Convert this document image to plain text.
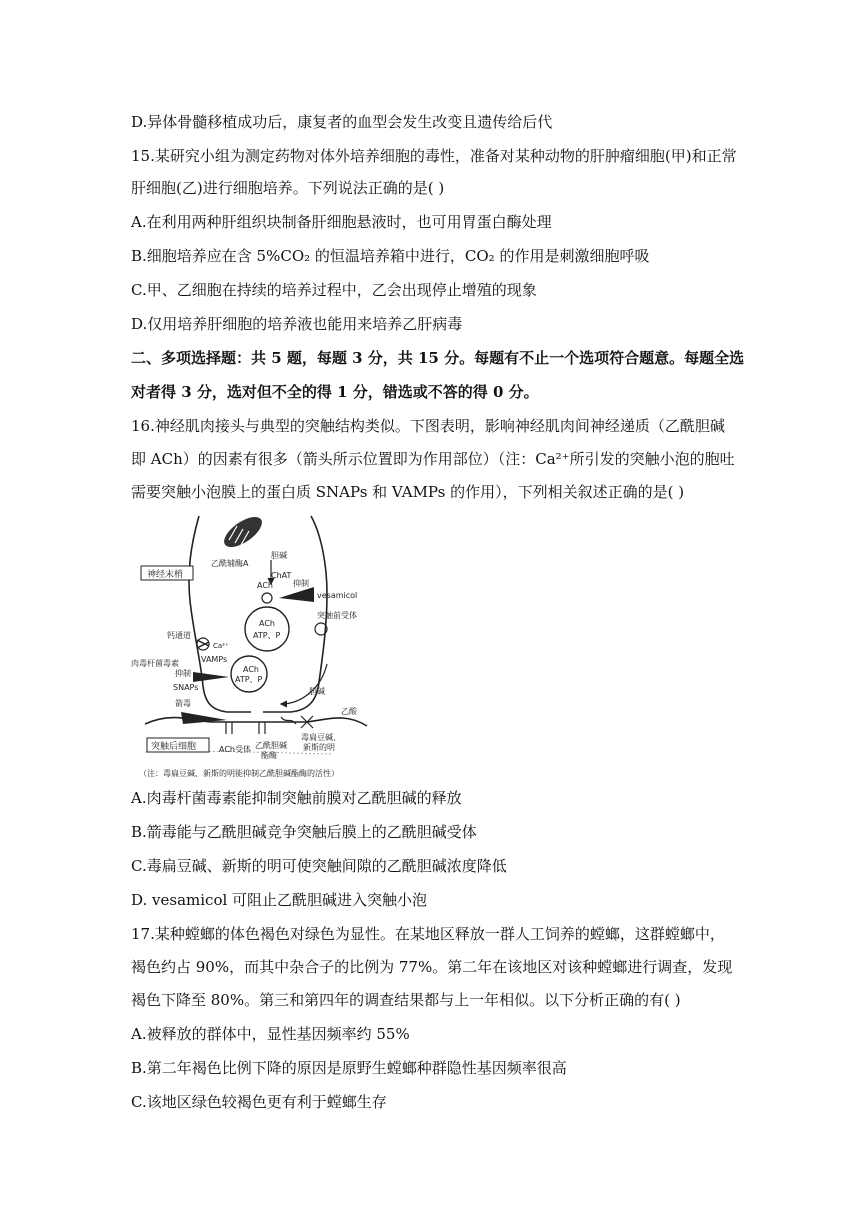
D.异体骨髓移植成功后，康复者的血型会发生改变且遗传给后代
15.某研究小组为测定药物对体外培养细胞的毒性，准备对某种动物的肝肿瘤细胞(甲)和正常
肝细胞(乙)进行细胞培养。下列说法正确的是( )
A.在利用两种肝组织块制备肝细胞悬液时，也可用胃蛋白酶处理
B.细胞培养应在含 5%CO₂ 的恒温培养箱中进行，CO₂ 的作用是刺激细胞呼吸
C.甲、乙细胞在持续的培养过程中，乙会出现停止增殖的现象
D.仅用培养肝细胞的培养液也能用来培养乙肝病毒
二、多项选择题：共 5 题，每题 3 分，共 15 分。每题有不止一个选项符合题意。每题全选
对者得 3 分，选对但不全的得 1 分，错选或不答的得 0 分。
16.神经肌肉接头与典型的突触结构类似。下图表明，影响神经肌肉间神经递质（乙酰胆碱
即 ACh）的因素有很多（箭头所示位置即为作用部位）（注：Ca²⁺所引发的突触小泡的胞吐
需要突触小泡膜上的蛋白质 SNAPs 和 VAMPs 的作用），下列相关叙述正确的是( )
神经末梢
乙酰辅酶A
胆碱
ChAT
ACh	抑制
vesamicol
突触前受体
ACh
ATP、P
钙通道
Ca²⁺
VAMPs
肉毒杆菌毒素
抑制	ACh
ATP、P
SNAPs	胆碱
乙酸
箭毒
突触后细胞	ACh受体 乙酰胆碱
酯酶
毒扁豆碱、
新斯的明
（注：毒扁豆碱、新斯的明能抑制乙酰胆碱酯酶的活性）
A.肉毒杆菌毒素能抑制突触前膜对乙酰胆碱的释放
B.箭毒能与乙酰胆碱竞争突触后膜上的乙酰胆碱受体
C.毒扁豆碱、新斯的明可使突触间隙的乙酰胆碱浓度降低
D. vesamicol 可阻止乙酰胆碱进入突触小泡
17.某种螳螂的体色褐色对绿色为显性。在某地区释放一群人工饲养的螳螂，这群螳螂中，
褐色约占 90%，而其中杂合子的比例为 77%。第二年在该地区对该种螳螂进行调查，发现
褐色下降至 80%。第三和第四年的调查结果都与上一年相似。以下分析正确的有( )
A.被释放的群体中，显性基因频率约 55%
B.第二年褐色比例下降的原因是原野生螳螂种群隐性基因频率很高
C.该地区绿色较褐色更有利于螳螂生存
